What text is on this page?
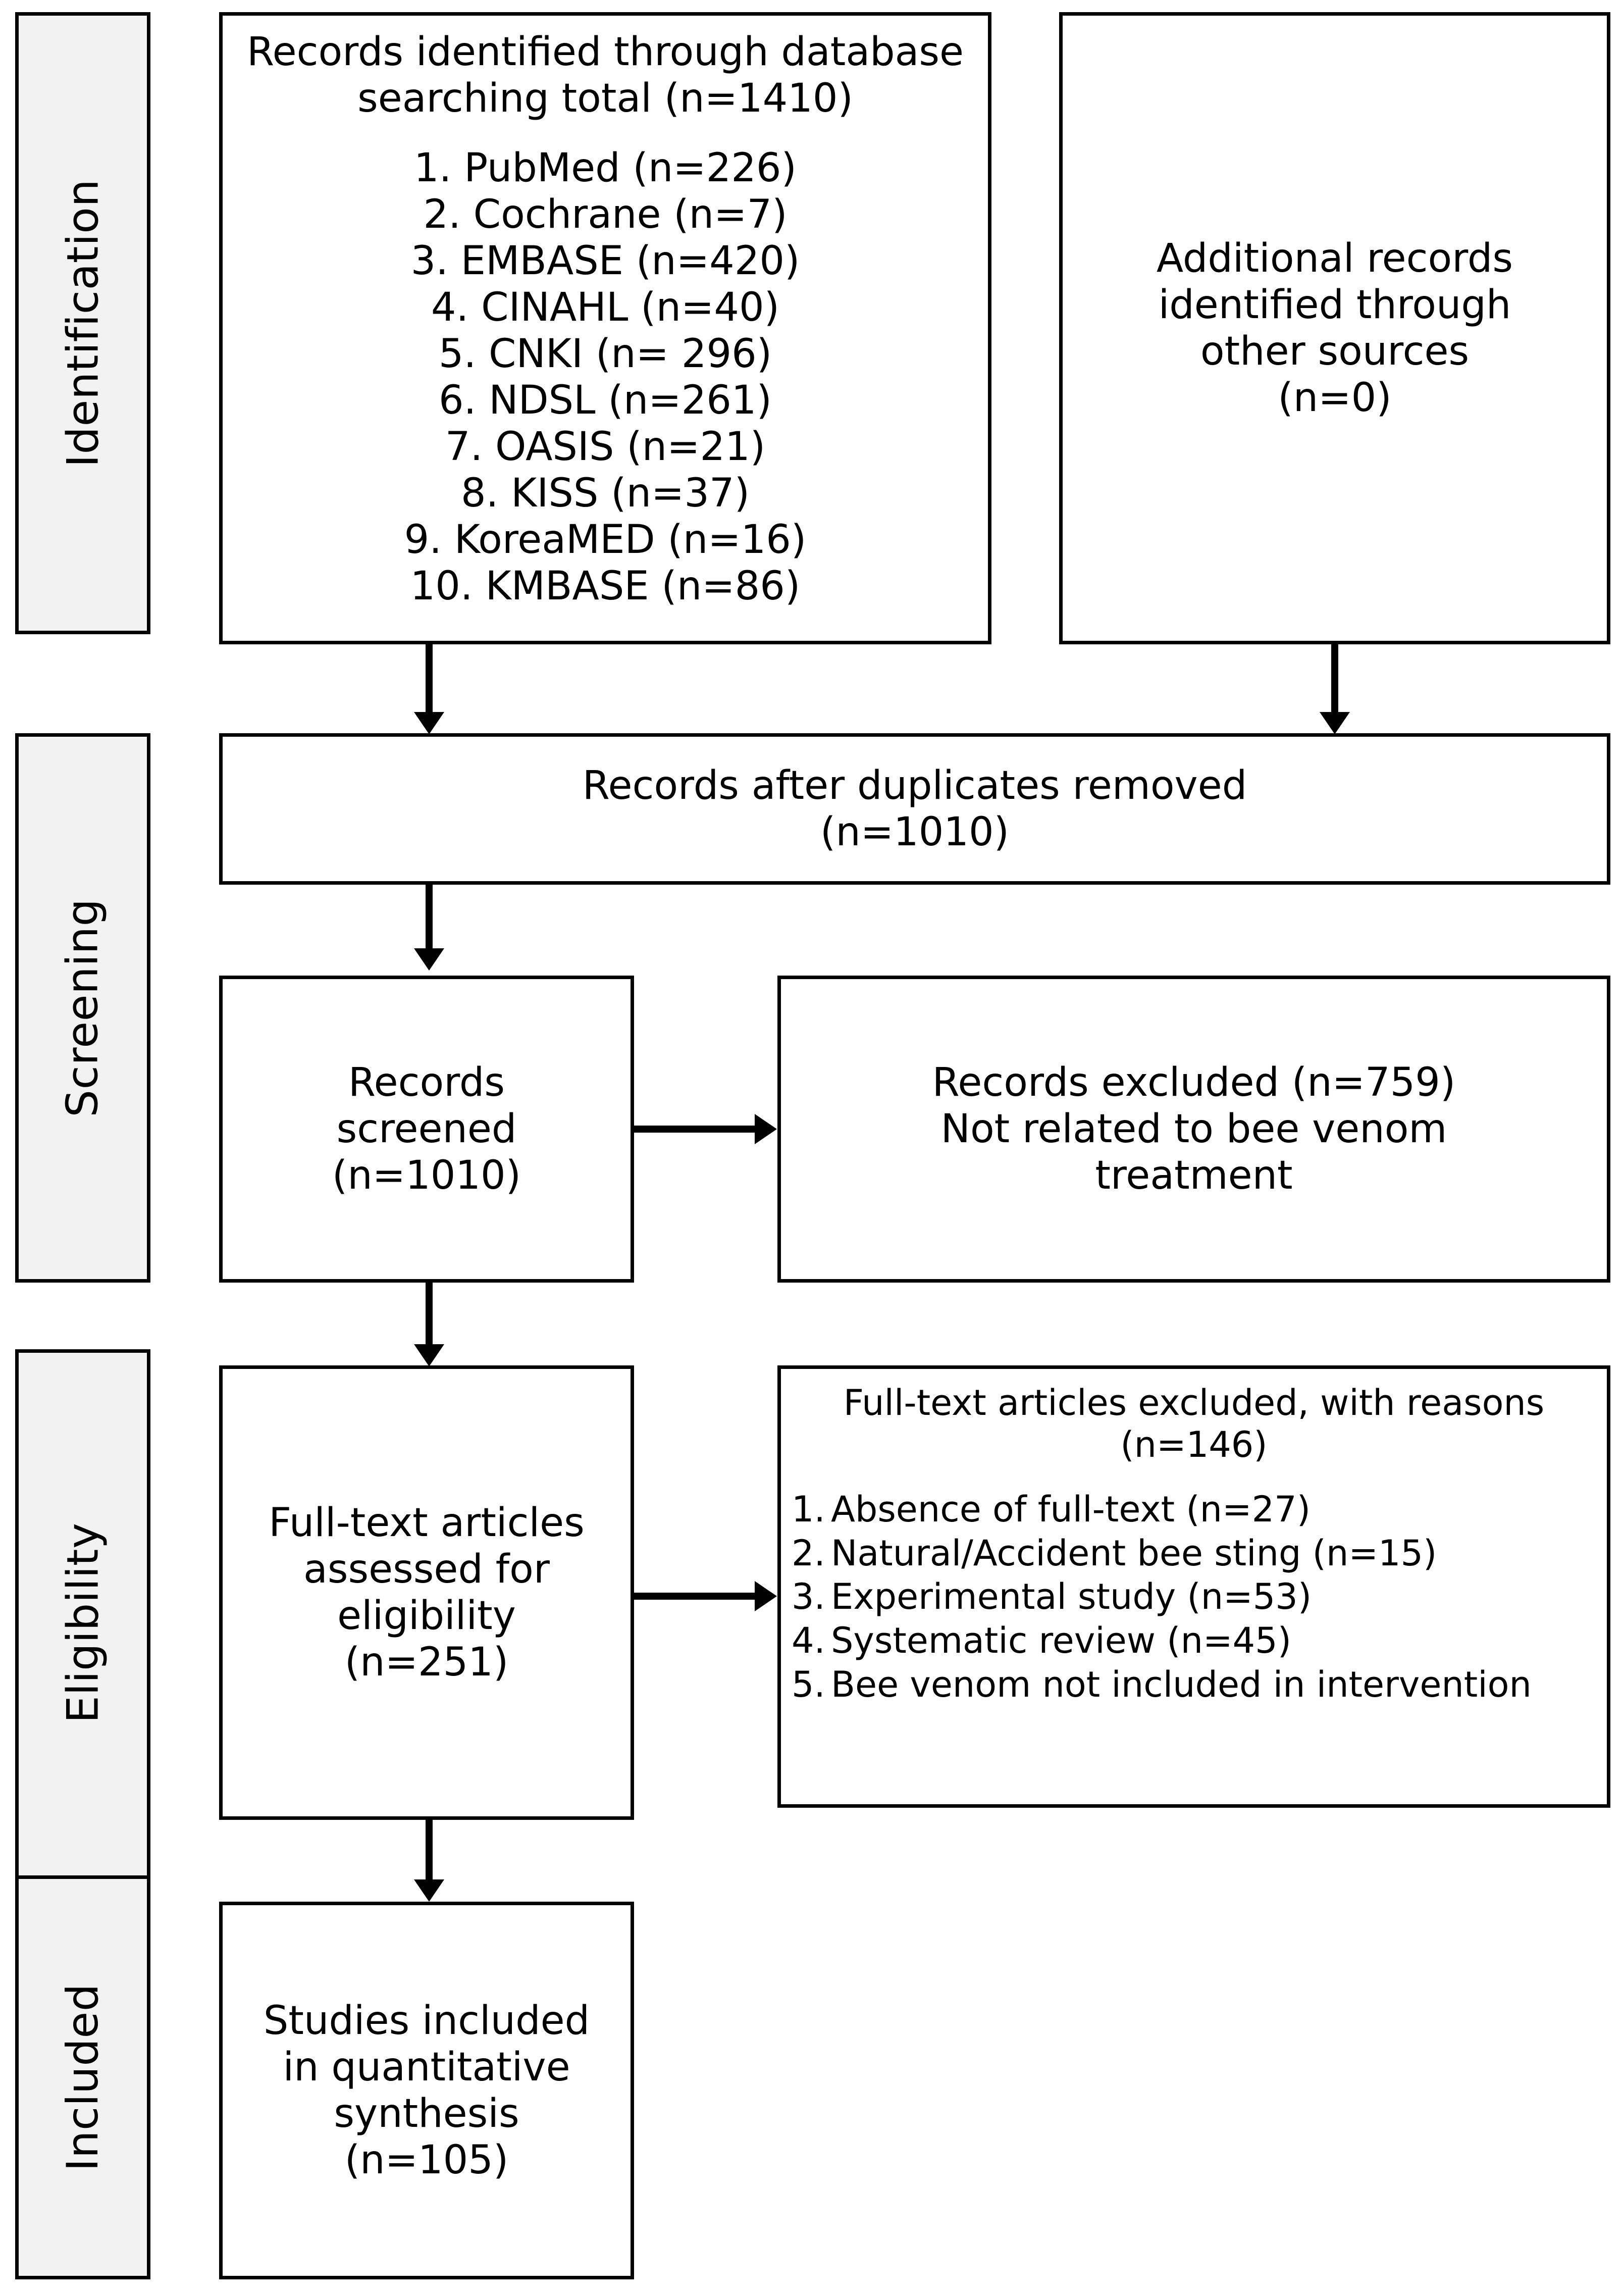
Identification
Screening
Eligibility
Included
Records identified through database
searching total (n=1410)
1. PubMed (n=226)
2. Cochrane (n=7)
3. EMBASE (n=420)
4. CINAHL (n=40)
5. CNKI (n= 296)
6. NDSL (n=261)
7. OASIS (n=21)
8. KISS (n=37)
9. KoreaMED (n=16)
10. KMBASE (n=86)
Additional records
identified through
other sources
(n=0)
Records after duplicates removed
(n=1010)
Records
screened
(n=1010)
Records excluded (n=759)
Not related to bee venom
treatment
Full-text articles
assessed for
eligibility
(n=251)
Full-text articles excluded, with reasons
(n=146)
1. Absence of full-text (n=27)
2. Natural/Accident bee sting (n=15)
3. Experimental study (n=53)
4. Systematic review (n=45)
5. Bee venom not included in intervention
Studies included
in quantitative
synthesis
(n=105)
